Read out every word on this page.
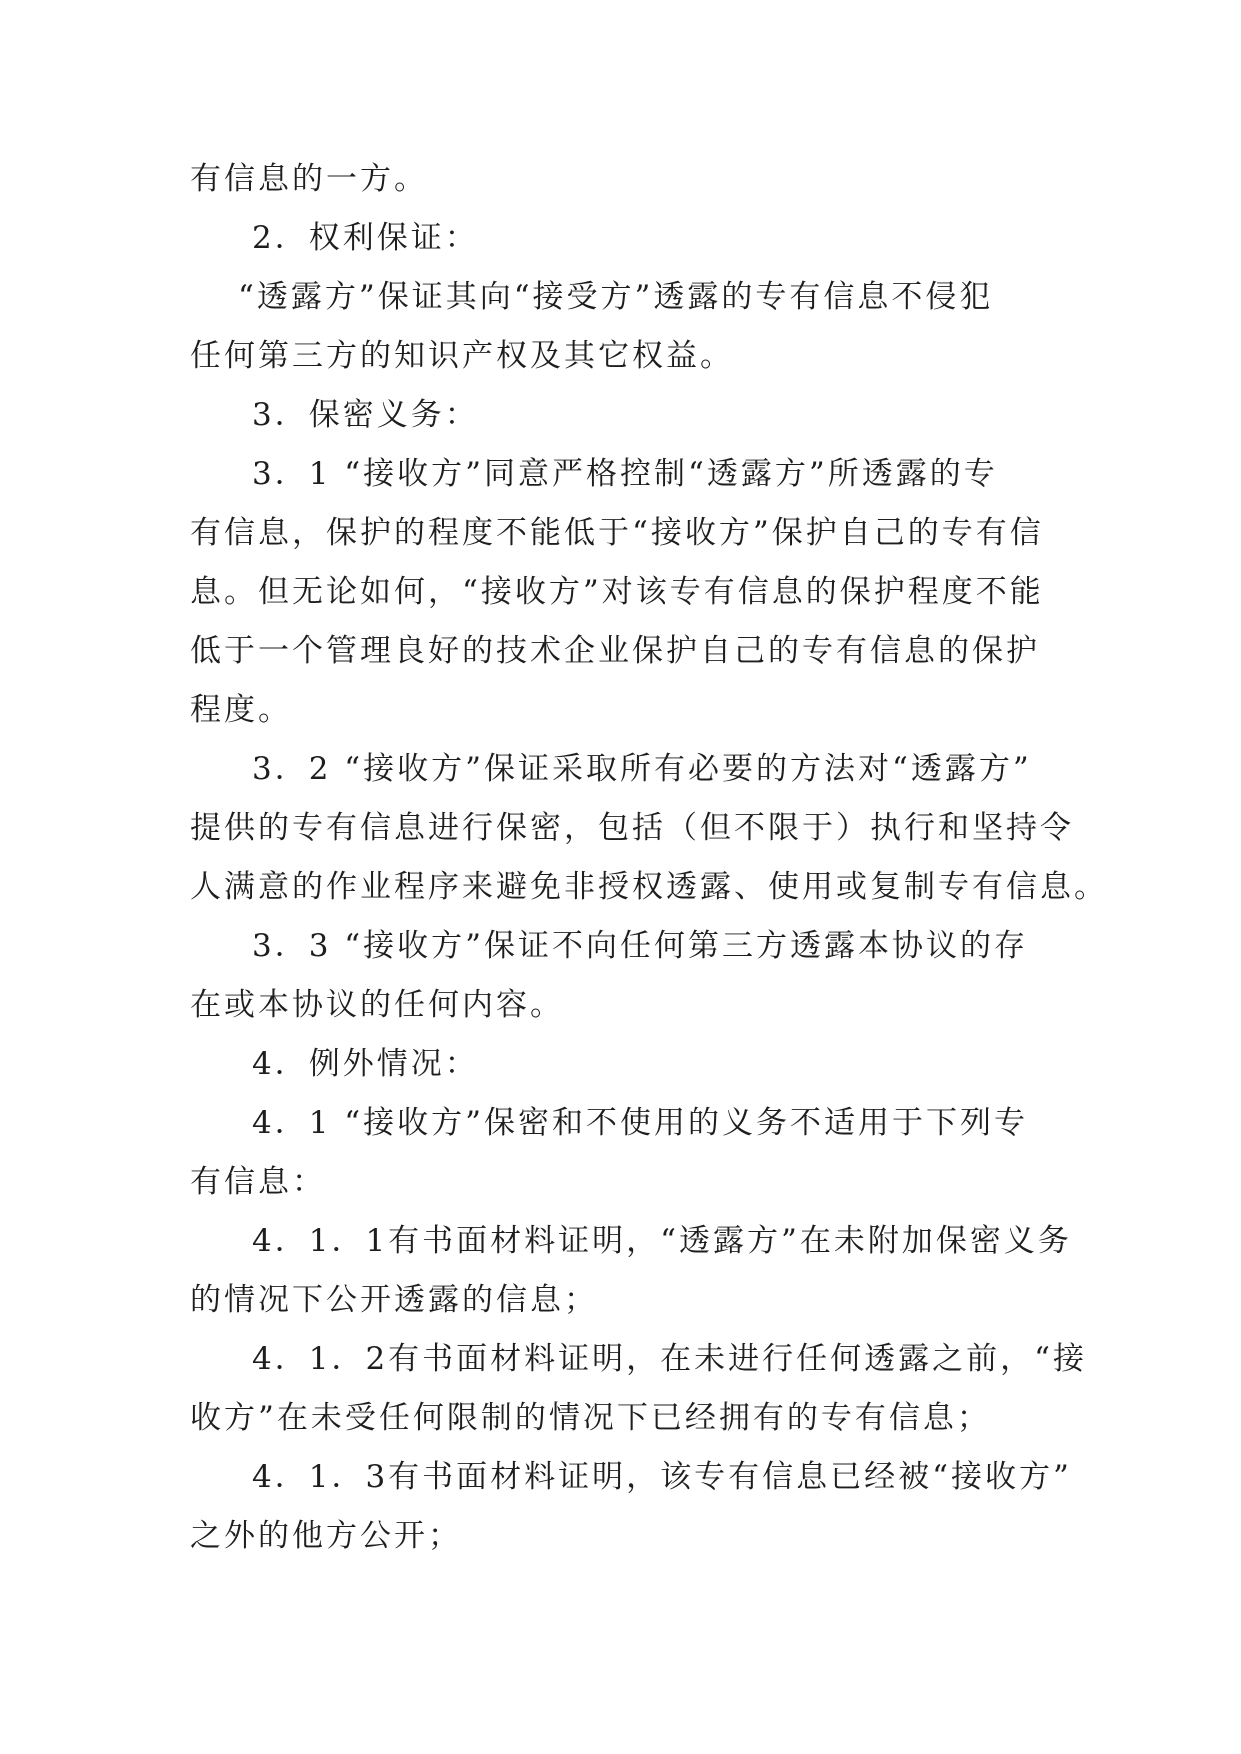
有信息的一方。
2．权利保证：
“透露方”保证其向“接受方”透露的专有信息不侵犯
任何第三方的知识产权及其它权益。
3．保密义务：
3．1 “接收方”同意严格控制“透露方”所透露的专
有信息，保护的程度不能低于“接收方”保护自己的专有信
息。但无论如何，“接收方”对该专有信息的保护程度不能
低于一个管理良好的技术企业保护自己的专有信息的保护
程度。
3．2 “接收方”保证采取所有必要的方法对“透露方”
提供的专有信息进行保密，包括（但不限于）执行和坚持令
人满意的作业程序来避免非授权透露、使用或复制专有信息。
3．3 “接收方”保证不向任何第三方透露本协议的存
在或本协议的任何内容。
4．例外情况：
4．1 “接收方”保密和不使用的义务不适用于下列专
有信息：
4．1．1有书面材料证明，“透露方”在未附加保密义务
的情况下公开透露的信息；
4．1．2有书面材料证明，在未进行任何透露之前，“接
收方”在未受任何限制的情况下已经拥有的专有信息；
4．1．3有书面材料证明，该专有信息已经被“接收方”
之外的他方公开；
